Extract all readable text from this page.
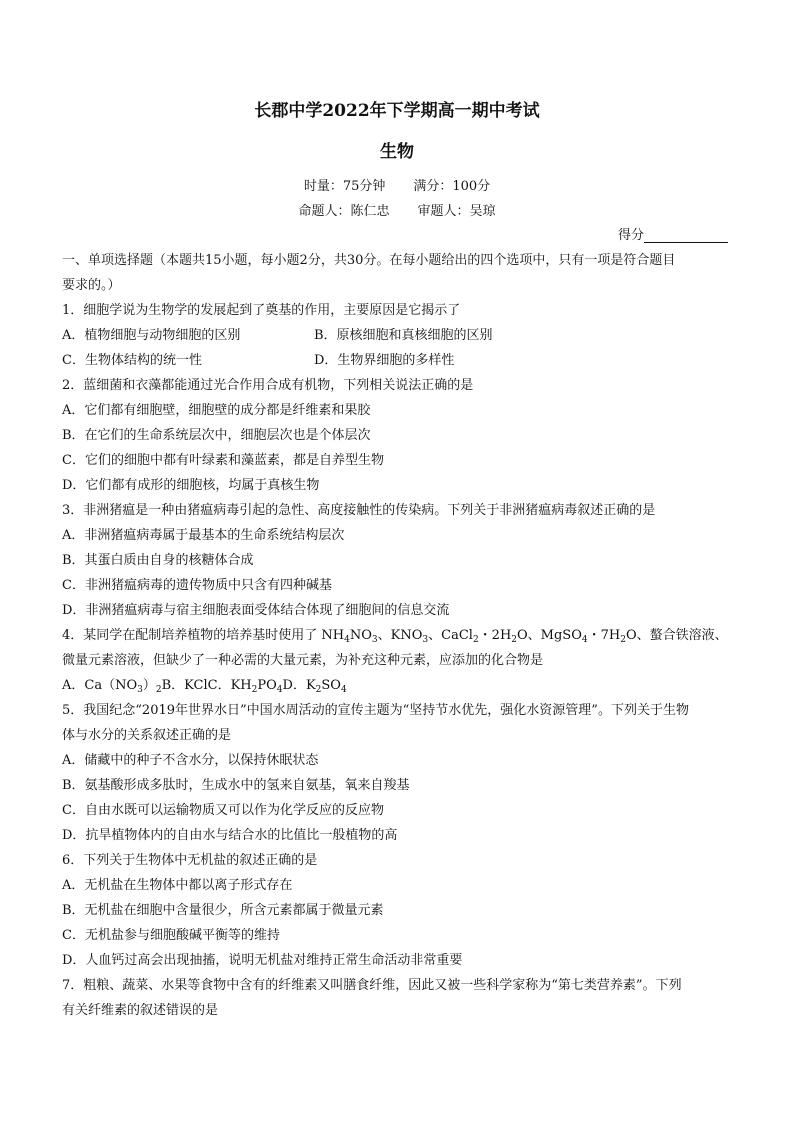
长郡中学2022年下学期高一期中考试
生物
时量：75分钟 满分：100分
命题人：陈仁忠 审题人：吴琼
得分
一、单项选择题（本题共15小题，每小题2分，共30分。在每小题给出的四个选项中，只有一项是符合题目
要求的。）
1．细胞学说为生物学的发展起到了奠基的作用，主要原因是它揭示了
A．植物细胞与动物细胞的区别	B．原核细胞和真核细胞的区别
C．生物体结构的统一性	D．生物界细胞的多样性
2．蓝细菌和衣藻都能通过光合作用合成有机物，下列相关说法正确的是
A．它们都有细胞壁，细胞壁的成分都是纤维素和果胶
B．在它们的生命系统层次中，细胞层次也是个体层次
C．它们的细胞中都有叶绿素和藻蓝素，都是自养型生物
D．它们都有成形的细胞核，均属于真核生物
3．非洲猪瘟是一种由猪瘟病毒引起的急性、高度接触性的传染病。下列关于非洲猪瘟病毒叙述正确的是
A．非洲猪瘟病毒属于最基本的生命系统结构层次
B．其蛋白质由自身的核糖体合成
C．非洲猪瘟病毒的遗传物质中只含有四种碱基
D．非洲猪瘟病毒与宿主细胞表面受体结合体现了细胞间的信息交流
4．某同学在配制培养植物的培养基时使用了 $NH_4NO_3$、$KNO_3$、CaCl$_2$・$2H_2O$、MgSO$_4$・$7H_2O$、螯合铁溶液、
微量元素溶液，但缺少了一种必需的大量元素，为补充这种元素，应添加的化合物是
A．$Ca(NO_3)_2B$．KClC．$KH_2PO_4D$．$K_2SO_4$
5．我国纪念“2019年世界水日”中国水周活动的宣传主题为“坚持节水优先，强化水资源管理”。下列关于生物
体与水分的关系叙述正确的是
A．储藏中的种子不含水分，以保持休眠状态
B．氨基酸形成多肽时，生成水中的氢来自氨基，氧来自羧基
C．自由水既可以运输物质又可以作为化学反应的反应物
D．抗旱植物体内的自由水与结合水的比值比一般植物的高
6．下列关于生物体中无机盐的叙述正确的是
A．无机盐在生物体中都以离子形式存在
B．无机盐在细胞中含量很少，所含元素都属于微量元素
C．无机盐参与细胞酸碱平衡等的维持
D．人血钙过高会出现抽搐，说明无机盐对维持正常生命活动非常重要
7．粗粮、蔬菜、水果等食物中含有的纤维素又叫膳食纤维，因此又被一些科学家称为“第七类营养素”。下列
有关纤维素的叙述错误的是
